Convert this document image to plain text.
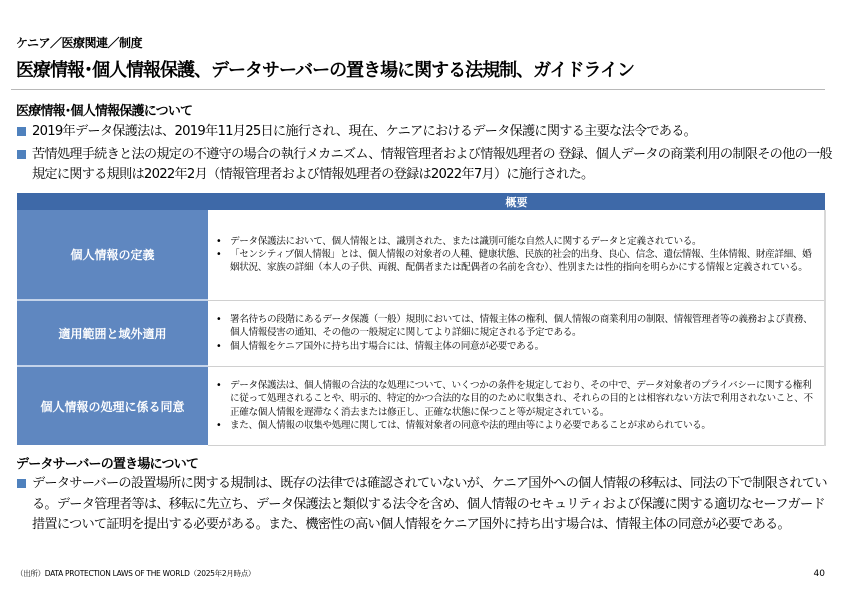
ケニア／医療関連／制度
医療情報･個人情報保護、データサーバーの置き場に関する法規制、ガイドライン
医療情報･個人情報保護について
2019年データ保護法は、2019年11月25日に施行され、現在、ケニアにおけるデータ保護に関する主要な法令である。
苦情処理手続きと法の規定の不遵守の場合の執行メカニズム、情報管理者および情報処理者の 登録、個人データの商業利用の制限その他の一般規定に関する規則は2022年2月（情報管理者および情報処理者の登録は2022年7月）に施行された。
	概要
個人情報の定義	
• データ保護法において、個人情報とは、識別された、または識別可能な自然人に関するデータと定義されている。
• 「センシティブ個人情報」とは、個人情報の対象者の人種、健康状態、民族的社会的出身、良心、信念、遺伝情報、生体情報、財産詳細、婚姻状況、家族の詳細（本人の子供、両親、配偶者または配偶者の名前を含む）、性別または性的指向を明らかにする情報と定義されている。

適用範囲と域外適用	
• 署名待ちの段階にあるデータ保護（一般）規則においては、情報主体の権利、個人情報の商業利用の制限、情報管理者等の義務および責務、個人情報侵害の通知、その他の一般規定に関してより詳細に規定される予定である。
• 個人情報をケニア国外に持ち出す場合には、情報主体の同意が必要である。

個人情報の処理に係る同意	
• データ保護法は、個人情報の合法的な処理について、いくつかの条件を規定しており、その中で、データ対象者のプライバシーに関する権利に従って処理されることや、明示的、特定的かつ合法的な目的のために収集され、それらの目的とは相容れない方法で利用されないこと、不正確な個人情報を遅滞なく消去または修正し、正確な状態に保つこと等が規定されている。
• また、個人情報の収集や処理に関しては、情報対象者の同意や法的理由等により必要であることが求められている。
データサーバーの置き場について
データサーバーの設置場所に関する規制は、既存の法律では確認されていないが、ケニア国外への個人情報の移転は、同法の下で制限されている。データ管理者等は、移転に先立ち、データ保護法と類似する法令を含め、個人情報のセキュリティおよび保護に関する適切なセーフガード措置について証明を提出する必要がある。また、機密性の高い個人情報をケニア国外に持ち出す場合は、情報主体の同意が必要である。
（出所）DATA PROTECTION LAWS OF THE WORLD（2025年2月時点）	40
